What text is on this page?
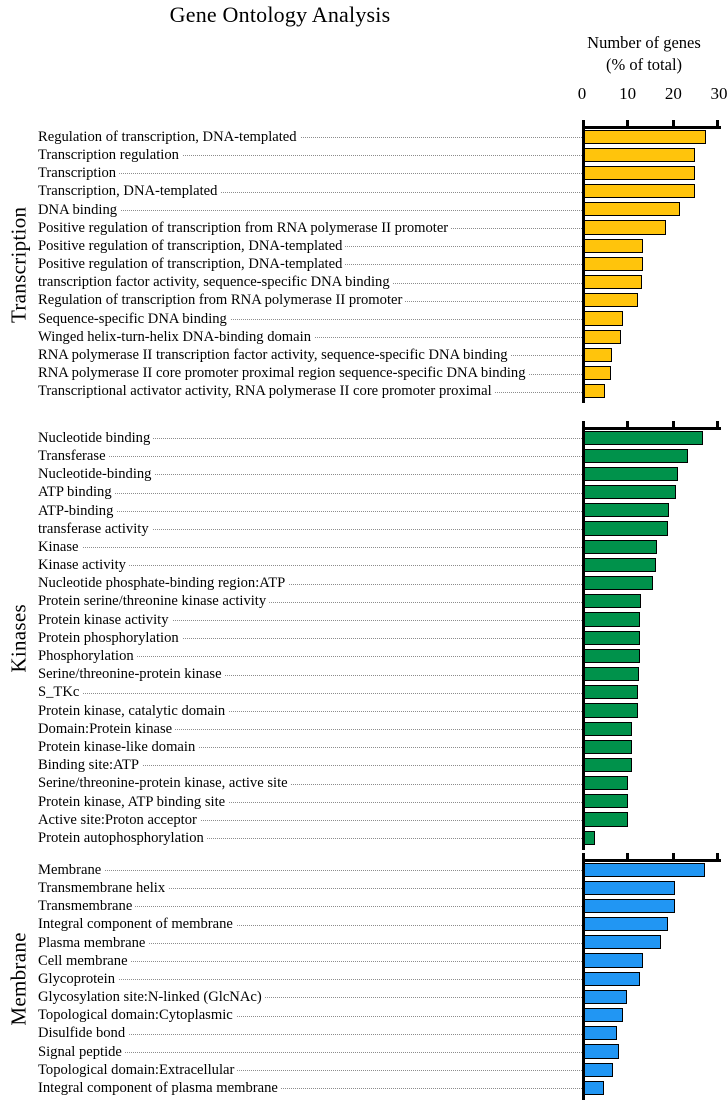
Gene Ontology Analysis
Number of genes
(% of total)
0 10 20 30
Transcription
Regulation of transcription, DNA-templated
Transcription regulation
Transcription
Transcription, DNA-templated
DNA binding
Positive regulation of transcription from RNA polymerase II promoter
Positive regulation of transcription, DNA-templated
Positive regulation of transcription, DNA-templated
transcription factor activity, sequence-specific DNA binding
Regulation of transcription from RNA polymerase II promoter
Sequence-specific DNA binding
Winged helix-turn-helix DNA-binding domain
RNA polymerase II transcription factor activity, sequence-specific DNA binding
RNA polymerase II core promoter proximal region sequence-specific DNA binding
Transcriptional activator activity, RNA polymerase II core promoter proximal
Kinases
Nucleotide binding
Transferase
Nucleotide-binding
ATP binding
ATP-binding
transferase activity
Kinase
Kinase activity
Nucleotide phosphate-binding region:ATP
Protein serine/threonine kinase activity
Protein kinase activity
Protein phosphorylation
Phosphorylation
Serine/threonine-protein kinase
S_TKc
Protein kinase, catalytic domain
Domain:Protein kinase
Protein kinase-like domain
Binding site:ATP
Serine/threonine-protein kinase, active site
Protein kinase, ATP binding site
Active site:Proton acceptor
Protein autophosphorylation
Membrane
Membrane
Transmembrane helix
Transmembrane
Integral component of membrane
Plasma membrane
Cell membrane
Glycoprotein
Glycosylation site:N-linked (GlcNAc)
Topological domain:Cytoplasmic
Disulfide bond
Signal peptide
Topological domain:Extracellular
Integral component of plasma membrane
